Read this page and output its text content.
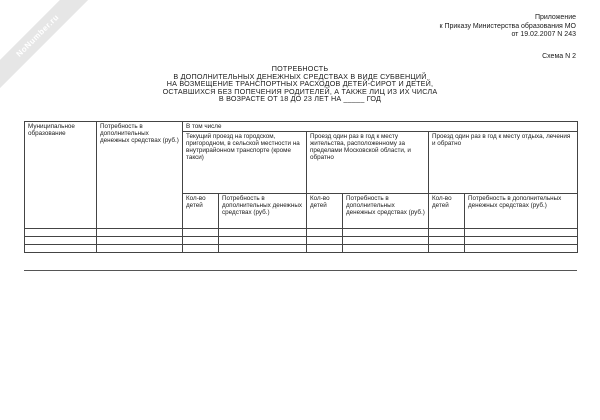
NoNumber.ru	Приложение
к Приказу Министерства образования МО
от 19.02.2007 N 243
Схема N 2
ПОТРЕБНОСТЬ
В ДОПОЛНИТЕЛЬНЫХ ДЕНЕЖНЫХ СРЕДСТВАХ В ВИДЕ СУБВЕНЦИЙ
НА ВОЗМЕЩЕНИЕ ТРАНСПОРТНЫХ РАСХОДОВ ДЕТЕЙ-СИРОТ И ДЕТЕЙ,
ОСТАВШИХСЯ БЕЗ ПОПЕЧЕНИЯ РОДИТЕЛЕЙ, А ТАКЖЕ ЛИЦ ИЗ ИХ ЧИСЛА
В ВОЗРАСТЕ ОТ 18 ДО 23 ЛЕТ НА _____ ГОД
Муниципальное образование	Потребность в дополнительных денежных средствах (руб.)	В том числе					
		Текущий проезд на городском, пригородном, в сельской местности на внутрирайонном транспорте (кроме такси)		Проезд один раз в год к месту жительства, расположенному за пределами Московской области, и обратно		Проезд один раз в год к месту отдыха, лечения и обратно	
		Кол-во детей	Потребность в дополнительных денежных средствах (руб.)	Кол-во детей	Потребность в дополнительных денежных средствах (руб.)	Кол-во детей	Потребность в дополнительных денежных средствах (руб.)
